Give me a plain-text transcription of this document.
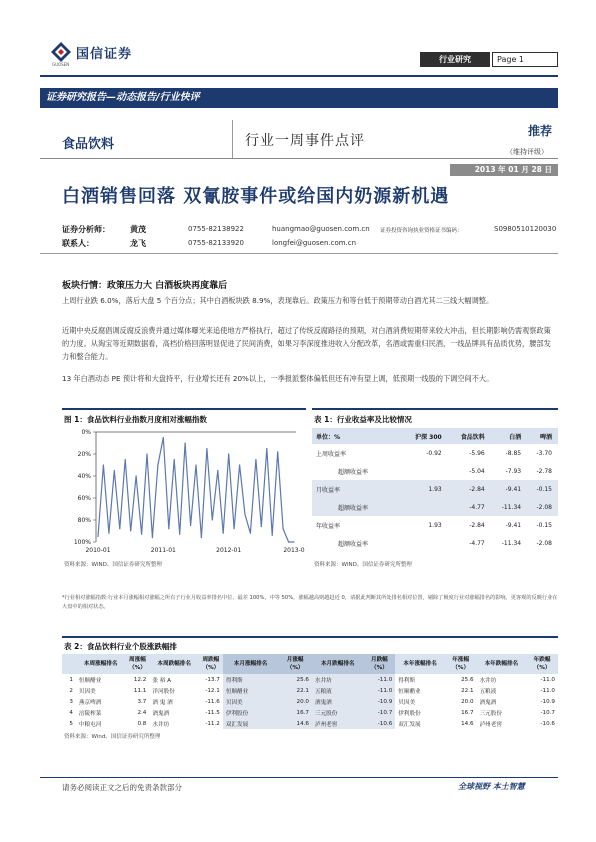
国信证券
GUOSEN
行业研究	Page 1
证券研究报告—动态报告/行业快评
食品饮料	行业一周事件点评
推荐
（维持评级）
2013 年 01 月 28 日
白酒销售回落 双氰胺事件或给国内奶源新机遇
证券分析师：	黄茂	0755-82138922	huangmao@guosen.com.cn 证券投资咨询执业资格证书编码：	S0980510120030
联系人：	龙飞	0755-82133920	longfei@guosen.com.cn
板块行情：政策压力大 白酒板块再度靠后
上周行业跌 6.0%，落后大盘 5 个百分点；其中白酒板块跌 8.9%，表现靠后。政策压力和等台低于预期带动白酒尤其二三线大幅调整。
近期中央反腐倡调反腐反浪费并通过媒体曝光来追使地方严格执行，超过了传统反腐路径的预期，对白酒消费短期带来较大冲击，但长期影响仍需观察政策的力度。从淘宝等近期数据看，高档价格回落明显促进了民间消费，如果习李深度推进收入分配改革，名酒或需重归民酒，一线品牌具有品质优势，腰部发力和整合能力。
13 年白酒动态 PE 预计将和大盘持平，行业增长还有 20%以上，一季报派整体偏低但还有冲有望上调，低预期一线股的下调空间不大。
图 1：食品饮料行业指数月度相对涨幅指数
0%
20%
40%
60%
80%
100%
2010-01	2011-01	2012-01	2013-0
资料来源：WIND、国信证券研究所整理
表 1：行业收益率及比较情况
单位：%	沪深 300	食品饮料	白酒	啤酒
上周收益率	-0.92	-5.96	-8.85	-3.70
超额收益率		-5.04	-7.93	-2.78
月收益率	1.93	-2.84	-9.41	-0.15
超额收益率		-4.77	-11.34	-2.08
年收益率	1.93	-2.84	-9.41	-0.15
超额收益率		-4.77	-11.34	-2.08
资料来源：WIND、国信证券研究所整理
*行业相对涨幅指数:行业本月涨幅相对涨幅之所有子行业月收益率排名中位，最差 100%，中等 50%，涨幅越高则越趋近 0，请据此判断其所处排名相对位置，剔除了极度行业对涨幅排名的影响，更客观的反映行业在大盘中的相对状态。
表 2：食品饮料行业个股涨跌幅排
	本周涨幅排名	周涨幅（%）	本周跌幅排名	周跌幅（%）	本月涨幅排名	月涨幅（%）	本月跌幅排名	月跌幅（%）	本年涨幅排名	年涨幅（%）	本年跌幅排名	年跌幅（%）
1	恒顺醋业	12.2	张 裕 A	-13.7	得利斯	25.6	水井坊	-11.0	得利斯	25.6	水井坊	-11.0
2	贝因美	11.1	洋河股份	-12.1	恒顺醋业	22.1	五粮液	-11.0	恒顺醋业	22.1	五粮液	-11.0
3	燕京啤酒	3.7	酒 鬼 酒	-11.6	贝因美	20.0	酒鬼酒	-10.9	贝因美	20.0	酒鬼酒	-10.9
4	涪陵榨菜	2.4	酒鬼酒	-11.5	伊利股份	16.7	三元股份	-10.7	伊利股份	16.7	三元股份	-10.7
5	中粮屯河	0.8	水井坊	-11.2	双汇发展	14.6	泸州老窖	-10.6	双汇发展	14.6	泸州老窖	-10.6
资料来源：Wind、国信证券研究所整理
请务必阅读正文之后的免责条款部分	全球视野 本土智慧
